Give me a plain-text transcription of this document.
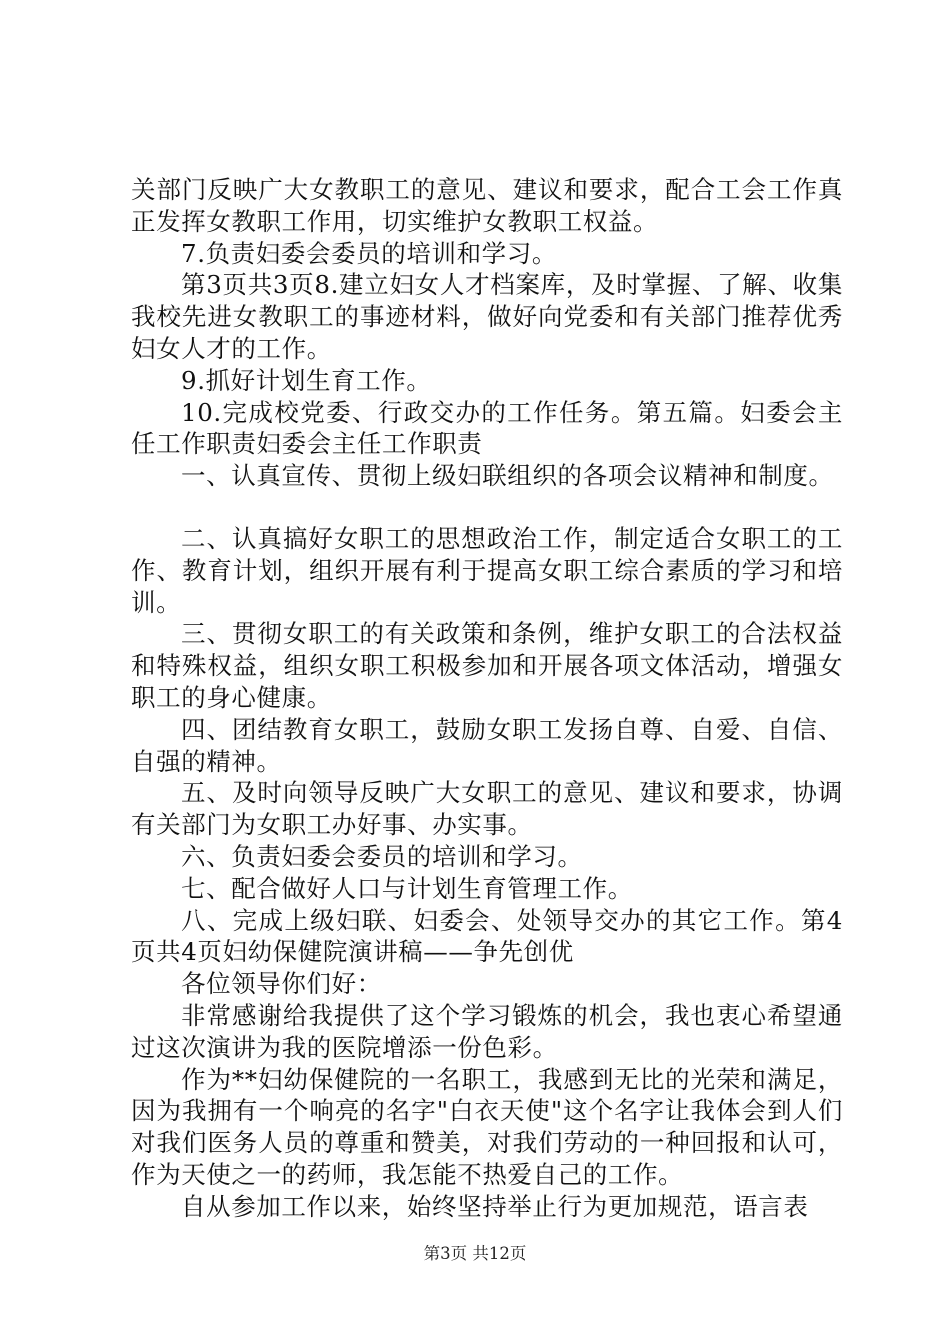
关部门反映广大女教职工的意见、建议和要求，配合工会工作真正发挥女教职工作用，切实维护女教职工权益。

7.负责妇委会委员的培训和学习。

第3页共3页8.建立妇女人才档案库，及时掌握、了解、收集我校先进女教职工的事迹材料，做好向党委和有关部门推荐优秀妇女人才的工作。

9.抓好计划生育工作。

10.完成校党委、行政交办的工作任务。第五篇。妇委会主任工作职责妇委会主任工作职责

一、认真宣传、贯彻上级妇联组织的各项会议精神和制度。

二、认真搞好女职工的思想政治工作，制定适合女职工的工作、教育计划，组织开展有利于提高女职工综合素质的学习和培训。

三、贯彻女职工的有关政策和条例，维护女职工的合法权益和特殊权益，组织女职工积极参加和开展各项文体活动，增强女职工的身心健康。

四、团结教育女职工，鼓励女职工发扬自尊、自爱、自信、自强的精神。

五、及时向领导反映广大女职工的意见、建议和要求，协调有关部门为女职工办好事、办实事。

六、负责妇委会委员的培训和学习。

七、配合做好人口与计划生育管理工作。

八、完成上级妇联、妇委会、处领导交办的其它工作。第4页共4页妇幼保健院演讲稿——争先创优

各位领导你们好：

非常感谢给我提供了这个学习锻炼的机会，我也衷心希望通过这次演讲为我的医院增添一份色彩。

作为**妇幼保健院的一名职工，我感到无比的光荣和满足，因为我拥有一个响亮的名字"白衣天使"这个名字让我体会到人们对我们医务人员的尊重和赞美，对我们劳动的一种回报和认可，作为天使之一的药师，我怎能不热爱自己的工作。

自从参加工作以来，始终坚持举止行为更加规范，语言表

第3页 共12页
